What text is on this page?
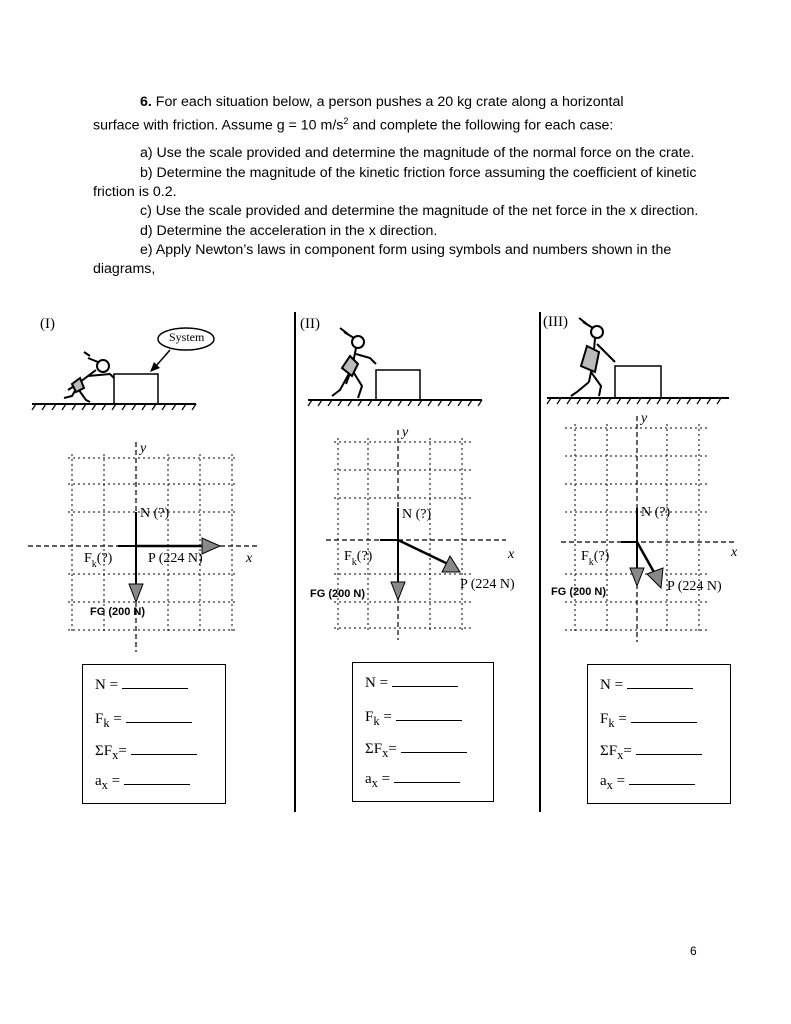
6. For each situation below, a person pushes a 20 kg crate along a horizontal

surface with friction. Assume g = 10 $m/s^2$ and complete the following for each case:

a) Use the scale provided and determine the magnitude of the normal force on the crate.

b) Determine the magnitude of the kinetic friction force assuming the coefficient of kinetic friction is 0.2.

c) Use the scale provided and determine the magnitude of the net force in the x direction.

d) Determine the acceleration in the x direction.

e) Apply Newton’s laws in component form using symbols and numbers shown in the diagrams,

(I)
N (?)
$F_k(?)$	P (224 N)	x
y
System
FG (200 N)
N =
$F_k$ =
$\Sigma F_x=$
$a_x$ =
(II)
N (?)
$F_k(?)$
P (224 N)
x
y
FG (200 N)
N =
$F_k$ =
$\Sigma F_x=$
$a_x$ =
(III)
N (?)
$F_k(?)$
P (224 N)
x
y
FG (200 N)
N =
$F_k$ =
$\Sigma F_x=$
$a_x$ =
6
